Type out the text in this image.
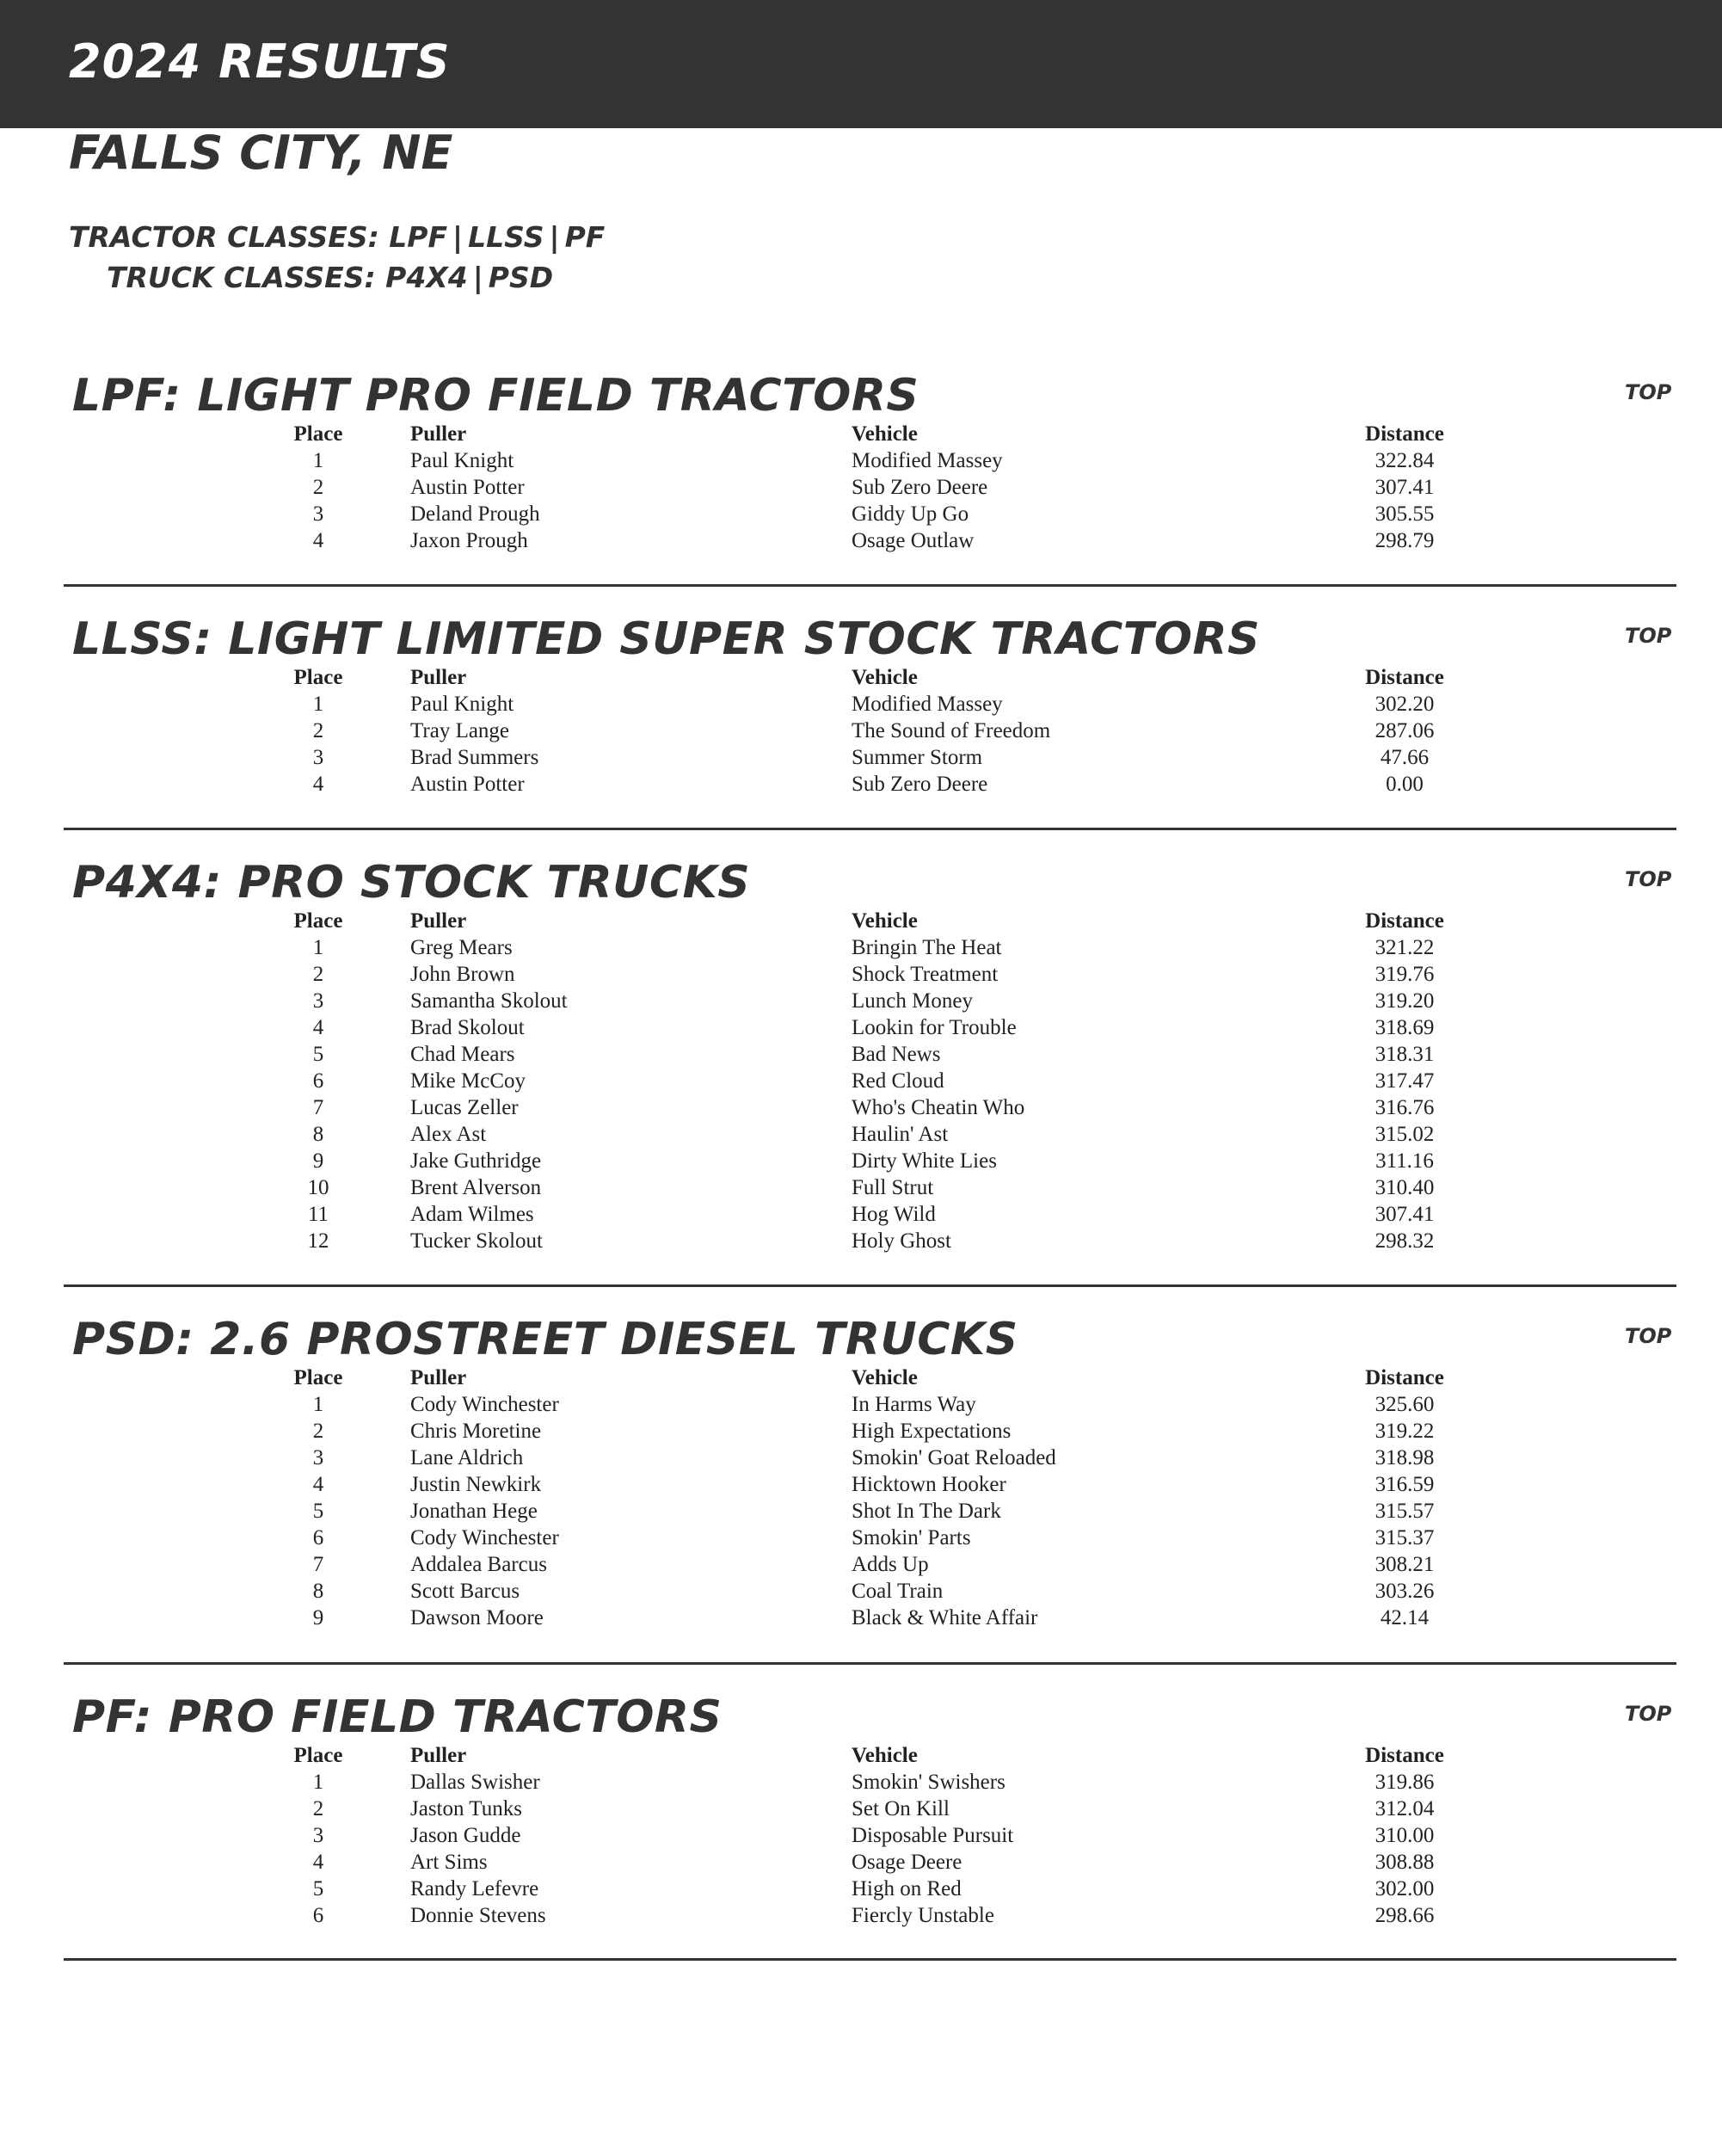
2024 RESULTS
FALLS CITY, NE
TRACTOR CLASSES: LPF | LLSS | PF
TRUCK CLASSES: P4X4 | PSD
LPF: LIGHT PRO FIELD TRACTORS	TOP
Place	Puller	Vehicle	Distance
1	Paul Knight	Modified Massey	322.84
2	Austin Potter	Sub Zero Deere	307.41
3	Deland Prough	Giddy Up Go	305.55
4	Jaxon Prough	Osage Outlaw	298.79
LLSS: LIGHT LIMITED SUPER STOCK TRACTORS	TOP
Place	Puller	Vehicle	Distance
1	Paul Knight	Modified Massey	302.20
2	Tray Lange	The Sound of Freedom	287.06
3	Brad Summers	Summer Storm	47.66
4	Austin Potter	Sub Zero Deere	0.00
P4X4: PRO STOCK TRUCKS	TOP
Place	Puller	Vehicle	Distance
1	Greg Mears	Bringin The Heat	321.22
2	John Brown	Shock Treatment	319.76
3	Samantha Skolout	Lunch Money	319.20
4	Brad Skolout	Lookin for Trouble	318.69
5	Chad Mears	Bad News	318.31
6	Mike McCoy	Red Cloud	317.47
7	Lucas Zeller	Who's Cheatin Who	316.76
8	Alex Ast	Haulin' Ast	315.02
9	Jake Guthridge	Dirty White Lies	311.16
10	Brent Alverson	Full Strut	310.40
11	Adam Wilmes	Hog Wild	307.41
12	Tucker Skolout	Holy Ghost	298.32
PSD: 2.6 PROSTREET DIESEL TRUCKS	TOP
Place	Puller	Vehicle	Distance
1	Cody Winchester	In Harms Way	325.60
2	Chris Moretine	High Expectations	319.22
3	Lane Aldrich	Smokin' Goat Reloaded	318.98
4	Justin Newkirk	Hicktown Hooker	316.59
5	Jonathan Hege	Shot In The Dark	315.57
6	Cody Winchester	Smokin' Parts	315.37
7	Addalea Barcus	Adds Up	308.21
8	Scott Barcus	Coal Train	303.26
9	Dawson Moore	Black & White Affair	42.14
PF: PRO FIELD TRACTORS	TOP
Place	Puller	Vehicle	Distance
1	Dallas Swisher	Smokin' Swishers	319.86
2	Jaston Tunks	Set On Kill	312.04
3	Jason Gudde	Disposable Pursuit	310.00
4	Art Sims	Osage Deere	308.88
5	Randy Lefevre	High on Red	302.00
6	Donnie Stevens	Fiercly Unstable	298.66
